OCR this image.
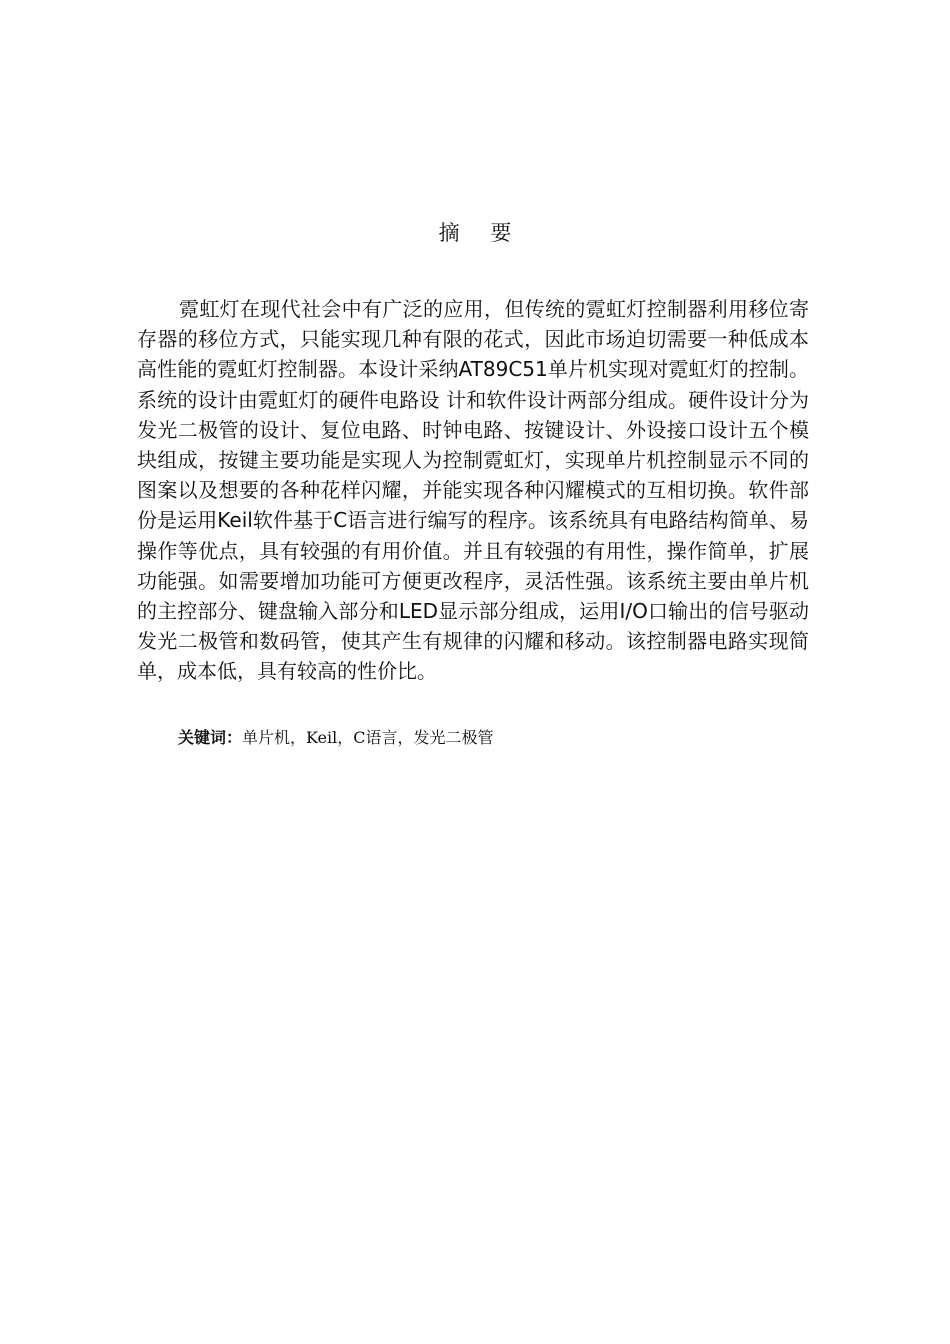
摘 要

霓虹灯在现代社会中有广泛的应用，但传统的霓虹灯控制器利用移位寄存器的移位方式，只能实现几种有限的花式，因此市场迫切需要一种低成本高性能的霓虹灯控制器。本设计采纳AT89C51单片机实现对霓虹灯的控制。系统的设计由霓虹灯的硬件电路设 计和软件设计两部分组成。硬件设计分为发光二极管的设计、复位电路、时钟电路、按键设计、外设接口设计五个模块组成，按键主要功能是实现人为控制霓虹灯，实现单片机控制显示不同的图案以及想要的各种花样闪耀，并能实现各种闪耀模式的互相切换。软件部份是运用Keil软件基于C语言进行编写的程序。该系统具有电路结构简单、易操作等优点，具有较强的有用价值。并且有较强的有用性，操作简单，扩展功能强。如需要增加功能可方便更改程序，灵活性强。该系统主要由单片机的主控部分、键盘输入部分和LED显示部分组成，运用I/O口输出的信号驱动发光二极管和数码管，使其产生有规律的闪耀和移动。该控制器电路实现简单，成本低，具有较高的性价比。

关键词：单片机，Keil，C语言，发光二极管
